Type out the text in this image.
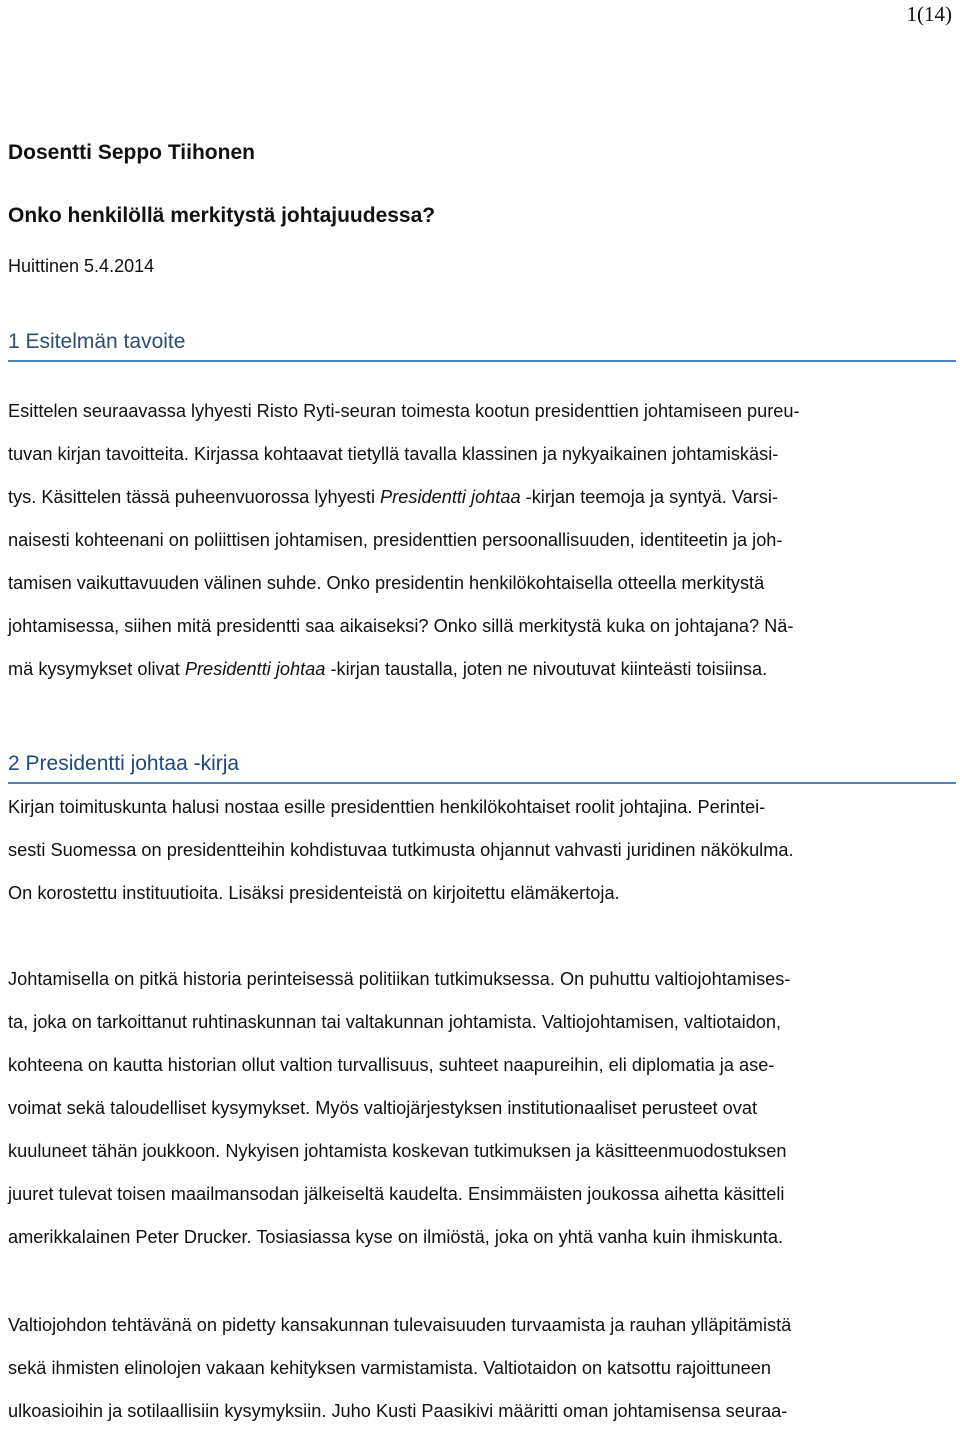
1(14)
Dosentti Seppo Tiihonen
Onko henkilöllä merkitystä johtajuudessa?
Huittinen 5.4.2014
1 Esitelmän tavoite

Esittelen seuraavassa lyhyesti Risto Ryti-seuran toimesta kootun presidenttien johtamiseen pureu-
tuvan kirjan tavoitteita. Kirjassa kohtaavat tietyllä tavalla klassinen ja nykyaikainen johtamiskäsi-
tys. Käsittelen tässä puheenvuorossa lyhyesti Presidentti johtaa -kirjan teemoja ja syntyä. Varsi-
naisesti kohteenani on poliittisen johtamisen, presidenttien persoonallisuuden, identiteetin ja joh-
tamisen vaikuttavuuden välinen suhde. Onko presidentin henkilökohtaisella otteella merkitystä
johtamisessa, siihen mitä presidentti saa aikaiseksi? Onko sillä merkitystä kuka on johtajana? Nä-
mä kysymykset olivat Presidentti johtaa -kirjan taustalla, joten ne nivoutuvat kiinteästi toisiinsa.

2 Presidentti johtaa -kirja

Kirjan toimituskunta halusi nostaa esille presidenttien henkilökohtaiset roolit johtajina. Perintei-
sesti Suomessa on presidentteihin kohdistuvaa tutkimusta ohjannut vahvasti juridinen näkökulma.
On korostettu instituutioita. Lisäksi presidenteistä on kirjoitettu elämäkertoja.

Johtamisella on pitkä historia perinteisessä politiikan tutkimuksessa. On puhuttu valtiojohtamises-
ta, joka on tarkoittanut ruhtinaskunnan tai valtakunnan johtamista. Valtiojohtamisen, valtiotaidon,
kohteena on kautta historian ollut valtion turvallisuus, suhteet naapureihin, eli diplomatia ja ase-
voimat sekä taloudelliset kysymykset. Myös valtiojärjestyksen institutionaaliset perusteet ovat
kuuluneet tähän joukkoon. Nykyisen johtamista koskevan tutkimuksen ja käsitteenmuodostuksen
juuret tulevat toisen maailmansodan jälkeiseltä kaudelta. Ensimmäisten joukossa aihetta käsitteli
amerikkalainen Peter Drucker. Tosiasiassa kyse on ilmiöstä, joka on yhtä vanha kuin ihmiskunta.

Valtiojohdon tehtävänä on pidetty kansakunnan tulevaisuuden turvaamista ja rauhan ylläpitämistä
sekä ihmisten elinolojen vakaan kehityksen varmistamista. Valtiotaidon on katsottu rajoittuneen
ulkoasioihin ja sotilaallisiin kysymyksiin. Juho Kusti Paasikivi määritti oman johtamisensa seuraa-
